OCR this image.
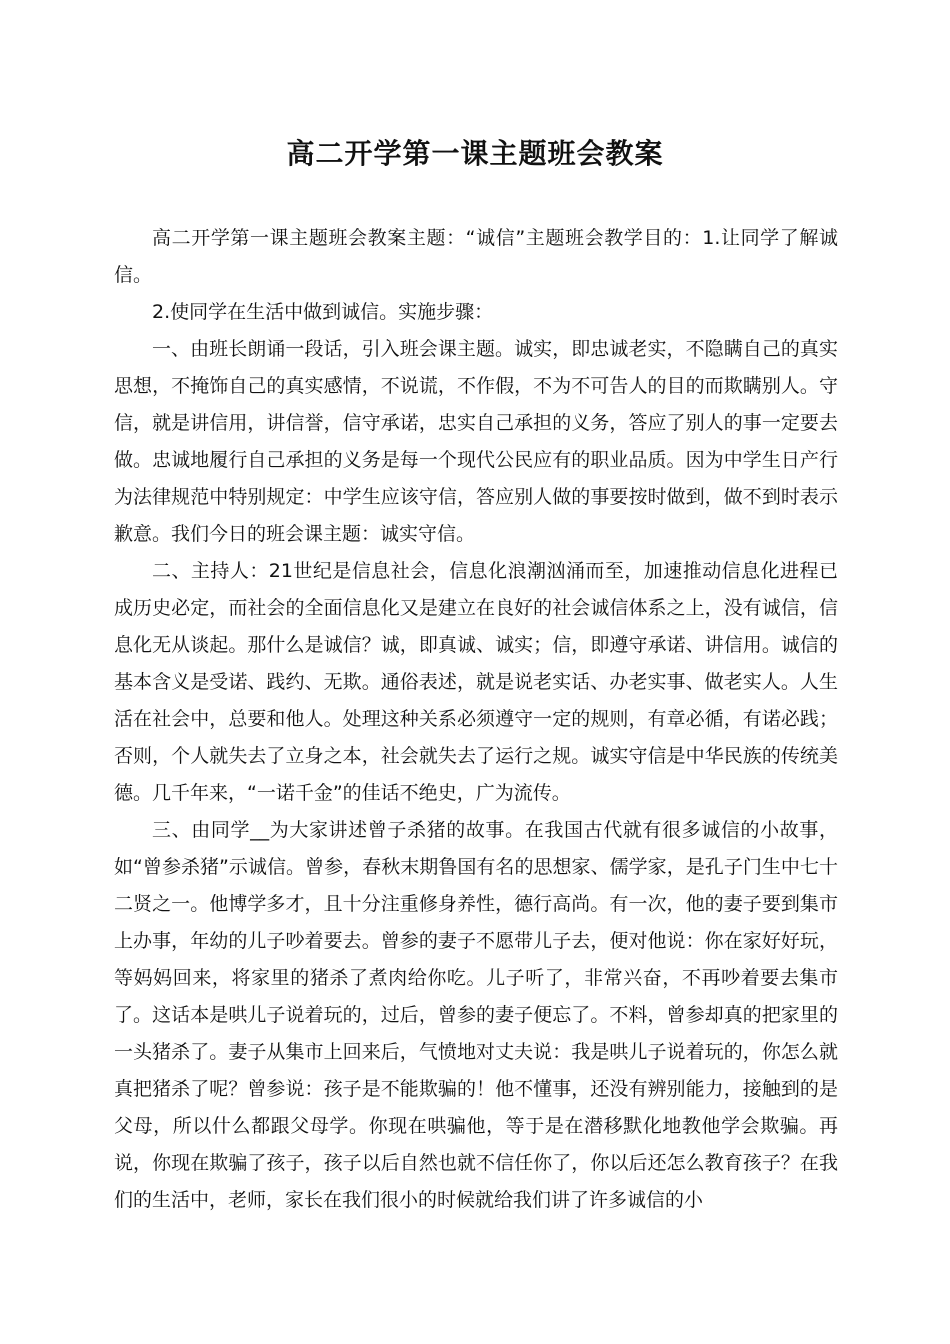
高二开学第一课主题班会教案

高二开学第一课主题班会教案主题：“诚信”主题班会教学目的：1.让同学了解诚信。

2.使同学在生活中做到诚信。实施步骤：

一、由班长朗诵一段话，引入班会课主题。诚实，即忠诚老实，不隐瞒自己的真实思想，不掩饰自己的真实感情，不说谎，不作假，不为不可告人的目的而欺瞒别人。守信，就是讲信用，讲信誉，信守承诺，忠实自己承担的义务，答应了别人的事一定要去做。忠诚地履行自己承担的义务是每一个现代公民应有的职业品质。因为中学生日产行为法律规范中特别规定：中学生应该守信，答应别人做的事要按时做到，做不到时表示歉意。我们今日的班会课主题：诚实守信。

二、主持人：21世纪是信息社会，信息化浪潮汹涌而至，加速推动信息化进程已成历史必定，而社会的全面信息化又是建立在良好的社会诚信体系之上，没有诚信，信息化无从谈起。那什么是诚信？诚，即真诚、诚实；信，即遵守承诺、讲信用。诚信的基本含义是受诺、践约、无欺。通俗表述，就是说老实话、办老实事、做老实人。人生活在社会中，总要和他人。处理这种关系必须遵守一定的规则，有章必循，有诺必践；否则，个人就失去了立身之本，社会就失去了运行之规。诚实守信是中华民族的传统美德。几千年来，“一诺千金”的佳话不绝史，广为流传。

三、由同学__为大家讲述曾子杀猪的故事。在我国古代就有很多诚信的小故事，如“曾参杀猪”示诚信。曾参，春秋末期鲁国有名的思想家、儒学家，是孔子门生中七十二贤之一。他博学多才，且十分注重修身养性，德行高尚。有一次，他的妻子要到集市上办事，年幼的儿子吵着要去。曾参的妻子不愿带儿子去，便对他说：你在家好好玩，等妈妈回来，将家里的猪杀了煮肉给你吃。儿子听了，非常兴奋，不再吵着要去集市了。这话本是哄儿子说着玩的，过后，曾参的妻子便忘了。不料，曾参却真的把家里的一头猪杀了。妻子从集市上回来后，气愤地对丈夫说：我是哄儿子说着玩的，你怎么就真把猪杀了呢？曾参说：孩子是不能欺骗的！他不懂事，还没有辨别能力，接触到的是父母，所以什么都跟父母学。你现在哄骗他，等于是在潜移默化地教他学会欺骗。再说，你现在欺骗了孩子，孩子以后自然也就不信任你了，你以后还怎么教育孩子？在我们的生活中，老师，家长在我们很小的时候就给我们讲了许多诚信的小
